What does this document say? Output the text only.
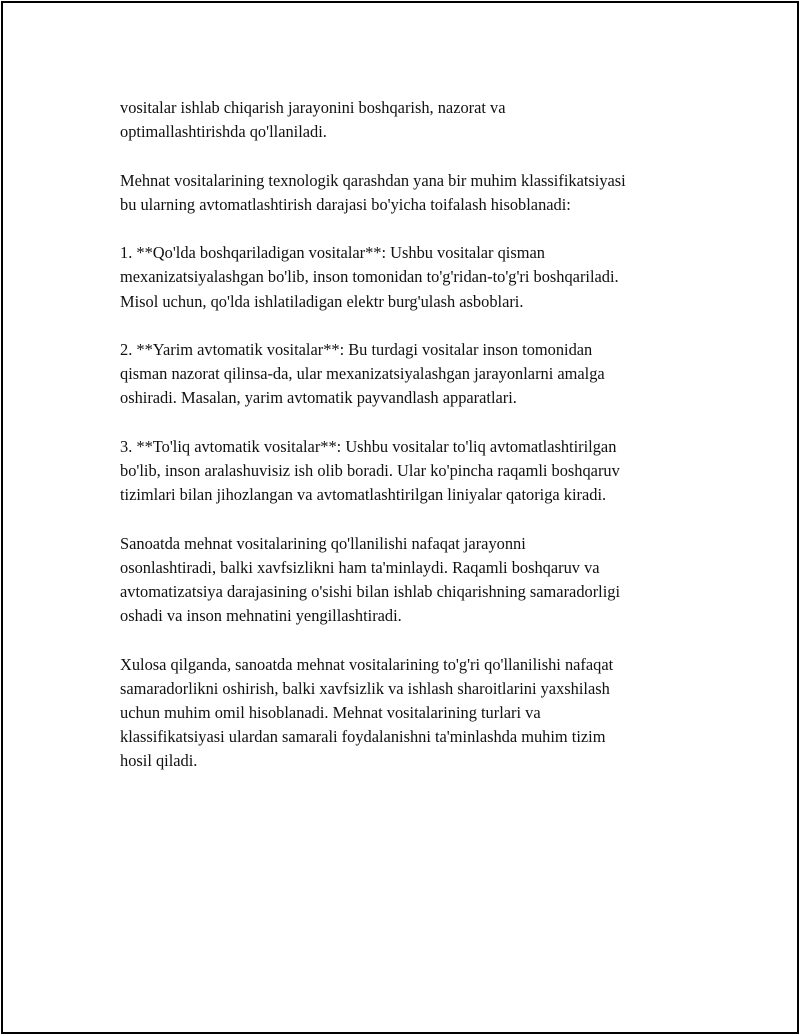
vositalar ishlab chiqarish jarayonini boshqarish, nazorat va
optimallashtirishda qo'llaniladi.

Mehnat vositalarining texnologik qarashdan yana bir muhim klassifikatsiyasi
bu ularning avtomatlashtirish darajasi bo'yicha toifalash hisoblanadi:

1. **Qo'lda boshqariladigan vositalar**: Ushbu vositalar qisman
mexanizatsiyalashgan bo'lib, inson tomonidan to'g'ridan-to'g'ri boshqariladi.
Misol uchun, qo'lda ishlatiladigan elektr burg'ulash asboblari.

2. **Yarim avtomatik vositalar**: Bu turdagi vositalar inson tomonidan
qisman nazorat qilinsa-da, ular mexanizatsiyalashgan jarayonlarni amalga
oshiradi. Masalan, yarim avtomatik payvandlash apparatlari.

3. **To'liq avtomatik vositalar**: Ushbu vositalar to'liq avtomatlashtirilgan
bo'lib, inson aralashuvisiz ish olib boradi. Ular ko'pincha raqamli boshqaruv
tizimlari bilan jihozlangan va avtomatlashtirilgan liniyalar qatoriga kiradi.

Sanoatda mehnat vositalarining qo'llanilishi nafaqat jarayonni
osonlashtiradi, balki xavfsizlikni ham ta'minlaydi. Raqamli boshqaruv va
avtomatizatsiya darajasining o'sishi bilan ishlab chiqarishning samaradorligi
oshadi va inson mehnatini yengillashtiradi.

Xulosa qilganda, sanoatda mehnat vositalarining to'g'ri qo'llanilishi nafaqat
samaradorlikni oshirish, balki xavfsizlik va ishlash sharoitlarini yaxshilash
uchun muhim omil hisoblanadi. Mehnat vositalarining turlari va
klassifikatsiyasi ulardan samarali foydalanishni ta'minlashda muhim tizim
hosil qiladi.
